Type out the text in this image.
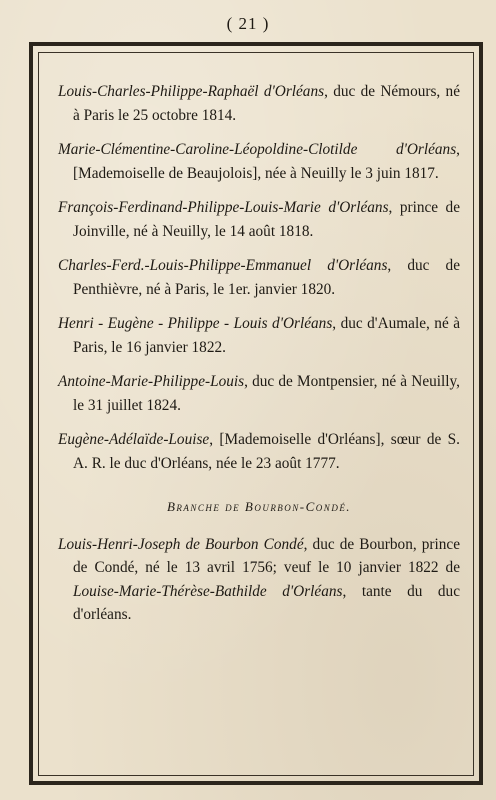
( 21 )

Louis-Charles-Philippe-Raphaël d'Orléans, duc de Némours, né à Paris le 25 octobre 1814.

Marie-Clémentine-Caroline-Léopoldine-Clotilde d'Orléans, [Mademoiselle de Beaujolois], née à Neuilly le 3 juin 1817.

François-Ferdinand-Philippe-Louis-Marie d'Orléans, prince de Joinville, né à Neuilly, le 14 août 1818.

Charles-Ferd.-Louis-Philippe-Emmanuel d'Orléans, duc de Penthièvre, né à Paris, le 1er. janvier 1820.

Henri - Eugène - Philippe - Louis d'Orléans, duc d'Aumale, né à Paris, le 16 janvier 1822.

Antoine-Marie-Philippe-Louis, duc de Montpensier, né à Neuilly, le 31 juillet 1824.

Eugène-Adélaïde-Louise, [Mademoiselle d'Orléans], sœur de S. A. R. le duc d'Orléans, née le 23 août 1777.

Branche de Bourbon-Condé.

Louis-Henri-Joseph de Bourbon Condé, duc de Bourbon, prince de Condé, né le 13 avril 1756; veuf le 10 janvier 1822 de Louise-Marie-Thérèse-Bathilde d'Orléans, tante du duc d'orléans.
